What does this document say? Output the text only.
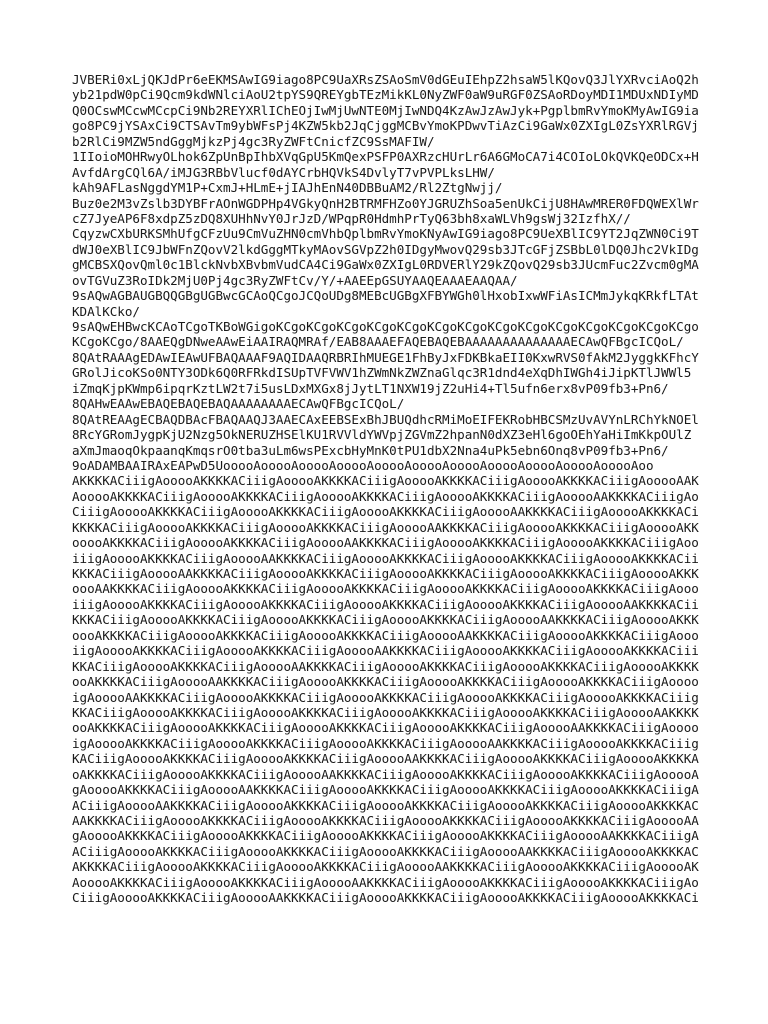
JVBERi0xLjQKJdPr6eEKMSAwIG9iago8PC9UaXRsZSAoSmV0dGEuIEhpZ2hsaW5lKQovQ3JlYXRvciAoQ2h
yb21pdW0pCi9Qcm9kdWNlciAoU2tpYS9QREYgbTEzMikKL0NyZWF0aW9uRGF0ZSAoRDoyMDI1MDUxNDIyMD
Q0OCswMCcwMCcpCi9Nb2REYXRlIChEOjIwMjUwNTE0MjIwNDQ4KzAwJzAwJyk+PgplbmRvYmoKMyAwIG9ia
go8PC9jYSAxCi9CTSAvTm9ybWFsPj4KZW5kb2JqCjggMCBvYmoKPDwvTiAzCi9GaWx0ZXIgL0ZsYXRlRGVj
b2RlCi9MZW5ndGggMjkzPj4gc3RyZWFtCnicfZC9SsMAFIW/
1IIoioMOHRwyOLhok6ZpUnBpIhbXVqGpU5KmQexPSFP0AXRzcHUrLr6A6GMoCA7i4COIoLOkQVKQeODCx+H
AvfdArgCQl6A/iMJG3RBbVlucf0dAYCrbHQVkS4DvlyT7vPVPLksLHW/
kAh9AFLasNggdYM1P+CxmJ+HLmE+jIAJhEnN40DBBuAM2/Rl2ZtgNwjj/
Buz0e2M3vZslb3DYBFrAOnWGDPHp4VGkyQnH2BTRMFHZo0YJGRUZhSoa5enUkCijU8HAwMRER0FDQWEXlWr
cZ7JyeAP6F8xdpZ5zDQ8XUHhNvY0JrJzD/WPqpR0HdmhPrTyQ63bh8xaWLVh9gsWj32IzfhX//
CqyzwCXbURKSMhUfgCFzUu9CmVuZHN0cmVhbQplbmRvYmoKNyAwIG9iago8PC9UeXBlIC9YT2JqZWN0Ci9T
dWJ0eXBlIC9JbWFnZQovV2lkdGggMTkyMAovSGVpZ2h0IDgyMwovQ29sb3JTcGFjZSBbL0lDQ0Jhc2VkIDg
gMCBSXQovQml0c1BlckNvbXBvbmVudCA4Ci9GaWx0ZXIgL0RDVERlY29kZQovQ29sb3JUcmFuc2Zvcm0gMA
ovTGVuZ3RoIDk2MjU0Pj4gc3RyZWFtCv/Y/+AAEEpGSUYAAQEAAAEAAQAA/
9sAQwAGBAUGBQQGBgUGBwcGCAoQCgoJCQoUDg8MEBcUGBgXFBYWGh0lHxobIxwWFiAsICMmJykqKRkfLTAt
KDAlKCko/
9sAQwEHBwcKCAoTCgoTKBoWGigoKCgoKCgoKCgoKCgoKCgoKCgoKCgoKCgoKCgoKCgoKCgoKCgoKCgoKCgo
KCgoKCgo/8AAEQgDNweAAwEiAAIRAQMRAf/EAB8AAAEFAQEBAQEBAAAAAAAAAAAAAAECAwQFBgcICQoL/
8QAtRAAAgEDAwIEAwUFBAQAAAF9AQIDAAQRBRIhMUEGE1FhByJxFDKBkaEII0KxwRVS0fAkM2JyggkKFhcY
GRolJicoKSo0NTY3ODk6Q0RFRkdISUpTVFVWV1hZWmNkZWZnaGlqc3R1dnd4eXqDhIWGh4iJipKTlJWWl5
iZmqKjpKWmp6ipqrKztLW2t7i5usLDxMXGx8jJytLT1NXW19jZ2uHi4+Tl5ufn6erx8vP09fb3+Pn6/
8QAHwEAAwEBAQEBAQEBAQAAAAAAAAECAwQFBgcICQoL/
8QAtREAAgECBAQDBAcFBAQAAQJ3AAECAxEEBSExBhJBUQdhcRMiMoEIFEKRobHBCSMzUvAVYnLRChYkNOEl
8RcYGRomJygpKjU2Nzg5OkNERUZHSElKU1RVVldYWVpjZGVmZ2hpanN0dXZ3eHl6goOEhYaHiImKkpOUlZ
aXmJmaoqOkpaanqKmqsrO0tba3uLm6wsPExcbHyMnK0tPU1dbX2Nna4uPk5ebn6Onq8vP09fb3+Pn6/
9oADAMBAAIRAxEAPwD5UooooAooooAooooAooooAooooAooooAooooAooooAooooAooooAooooAoo
AKKKKACiiigAooooAKKKKACiiigAooooAKKKKACiiigAooooAKKKKACiiigAooooAKKKKACiiigAooooAAK
AooooAKKKKACiiigAooooAKKKKACiiigAooooAKKKKACiiigAooooAKKKKACiiigAooooAAKKKKACiiigAo
CiiigAooooAKKKKACiiigAooooAKKKKACiiigAooooAKKKKACiiigAooooAAKKKKACiiigAooooAKKKKACi
KKKKACiiigAooooAKKKKACiiigAooooAKKKKACiiigAooooAAKKKKACiiigAooooAKKKKACiiigAooooAKK
ooooAKKKKACiiigAooooAKKKKACiiigAooooAAKKKKACiiigAooooAKKKKACiiigAooooAKKKKACiiigAoo
iiigAooooAKKKKACiiigAooooAAKKKKACiiigAooooAKKKKACiiigAooooAKKKKACiiigAooooAKKKKACii
KKKACiiigAooooAAKKKKACiiigAooooAKKKKACiiigAooooAKKKKACiiigAooooAKKKKACiiigAooooAKKK
oooAAKKKKACiiigAooooAKKKKACiiigAooooAKKKKACiiigAooooAKKKKACiiigAooooAKKKKACiiigAooo
iiigAooooAKKKKACiiigAooooAKKKKACiiigAooooAKKKKACiiigAooooAKKKKACiiigAooooAAKKKKACii
KKKACiiigAooooAKKKKACiiigAooooAKKKKACiiigAooooAKKKKACiiigAooooAAKKKKACiiigAooooAKKK
oooAKKKKACiiigAooooAKKKKACiiigAooooAKKKKACiiigAooooAAKKKKACiiigAooooAKKKKACiiigAooo
iigAooooAKKKKACiiigAooooAKKKKACiiigAooooAAKKKKACiiigAooooAKKKKACiiigAooooAKKKKACiii
KKACiiigAooooAKKKKACiiigAooooAAKKKKACiiigAooooAKKKKACiiigAooooAKKKKACiiigAooooAKKKK
ooAKKKKACiiigAooooAAKKKKACiiigAooooAKKKKACiiigAooooAKKKKACiiigAooooAKKKKACiiigAoooo
igAooooAAKKKKACiiigAooooAKKKKACiiigAooooAKKKKACiiigAooooAKKKKACiiigAooooAKKKKACiiig
KKACiiigAooooAKKKKACiiigAooooAKKKKACiiigAooooAKKKKACiiigAooooAKKKKACiiigAooooAAKKKK
ooAKKKKACiiigAooooAKKKKACiiigAooooAKKKKACiiigAooooAKKKKACiiigAooooAAKKKKACiiigAoooo
igAooooAKKKKACiiigAooooAKKKKACiiigAooooAKKKKACiiigAooooAAKKKKACiiigAooooAKKKKACiiig
KACiiigAooooAKKKKACiiigAooooAKKKKACiiigAooooAAKKKKACiiigAooooAKKKKACiiigAooooAKKKKA
oAKKKKACiiigAooooAKKKKACiiigAooooAAKKKKACiiigAooooAKKKKACiiigAooooAKKKKACiiigAooooA
gAooooAKKKKACiiigAooooAAKKKKACiiigAooooAKKKKACiiigAooooAKKKKACiiigAooooAKKKKACiiigA
ACiiigAooooAAKKKKACiiigAooooAKKKKACiiigAooooAKKKKACiiigAooooAKKKKACiiigAooooAKKKKAC
AAKKKKACiiigAooooAKKKKACiiigAooooAKKKKACiiigAooooAKKKKACiiigAooooAKKKKACiiigAooooAA
gAooooAKKKKACiiigAooooAKKKKACiiigAooooAKKKKACiiigAooooAKKKKACiiigAooooAAKKKKACiiigA
ACiiigAooooAKKKKACiiigAooooAKKKKACiiigAooooAKKKKACiiigAooooAAKKKKACiiigAooooAKKKKAC
AKKKKACiiigAooooAKKKKACiiigAooooAKKKKACiiigAooooAAKKKKACiiigAooooAKKKKACiiigAooooAK
AooooAKKKKACiiigAooooAKKKKACiiigAooooAAKKKKACiiigAooooAKKKKACiiigAooooAKKKKACiiigAo
CiiigAooooAKKKKACiiigAooooAAKKKKACiiigAooooAKKKKACiiigAooooAKKKKACiiigAooooAKKKKACi
